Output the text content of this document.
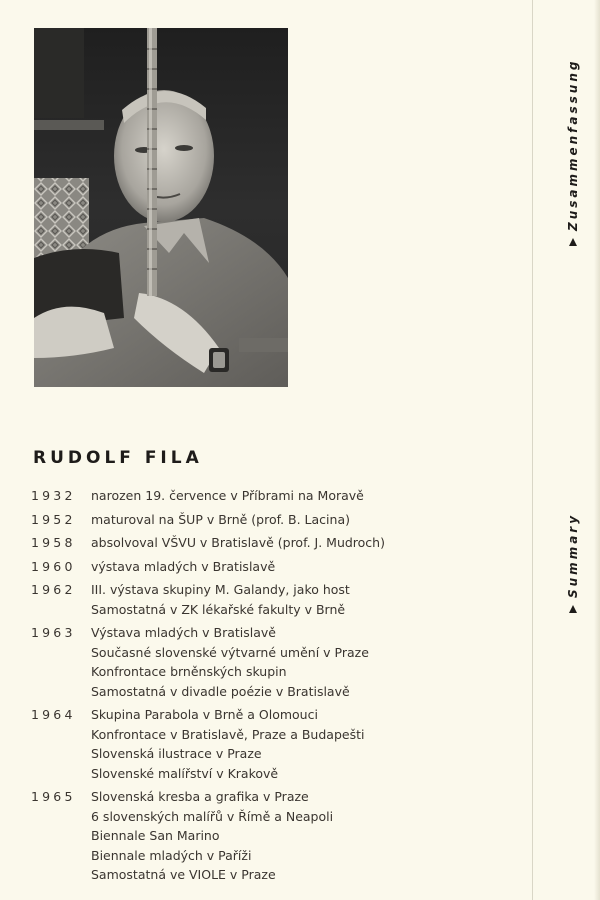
RUDOLF FILA
1932	narozen 19. července v Příbrami na Moravě
1952	maturoval na ŠUP v Brně (prof. B. Lacina)
1958	absolvoval VŠVU v Bratislavě (prof. J. Mudroch)
1960	výstava mladých v Bratislavě
1962	III. výstava skupiny M. Galandy, jako host
Samostatná v ZK lékařské fakulty v Brně
1963	Výstava mladých v Bratislavě
Současné slovenské výtvarné umění v Praze
Konfrontace brněnských skupin
Samostatná v divadle poézie v Bratislavě
1964	Skupina Parabola v Brně a Olomouci
Konfrontace v Bratislavě, Praze a Budapešti
Slovenská ilustrace v Praze
Slovenské malířství v Krakově
1965	Slovenská kresba a grafika v Praze
6 slovenských malířů v Římě a Neapoli
Biennale San Marino
Biennale mladých v Paříži
Samostatná ve VIOLE v Praze
Zusammenfassung
Summary
